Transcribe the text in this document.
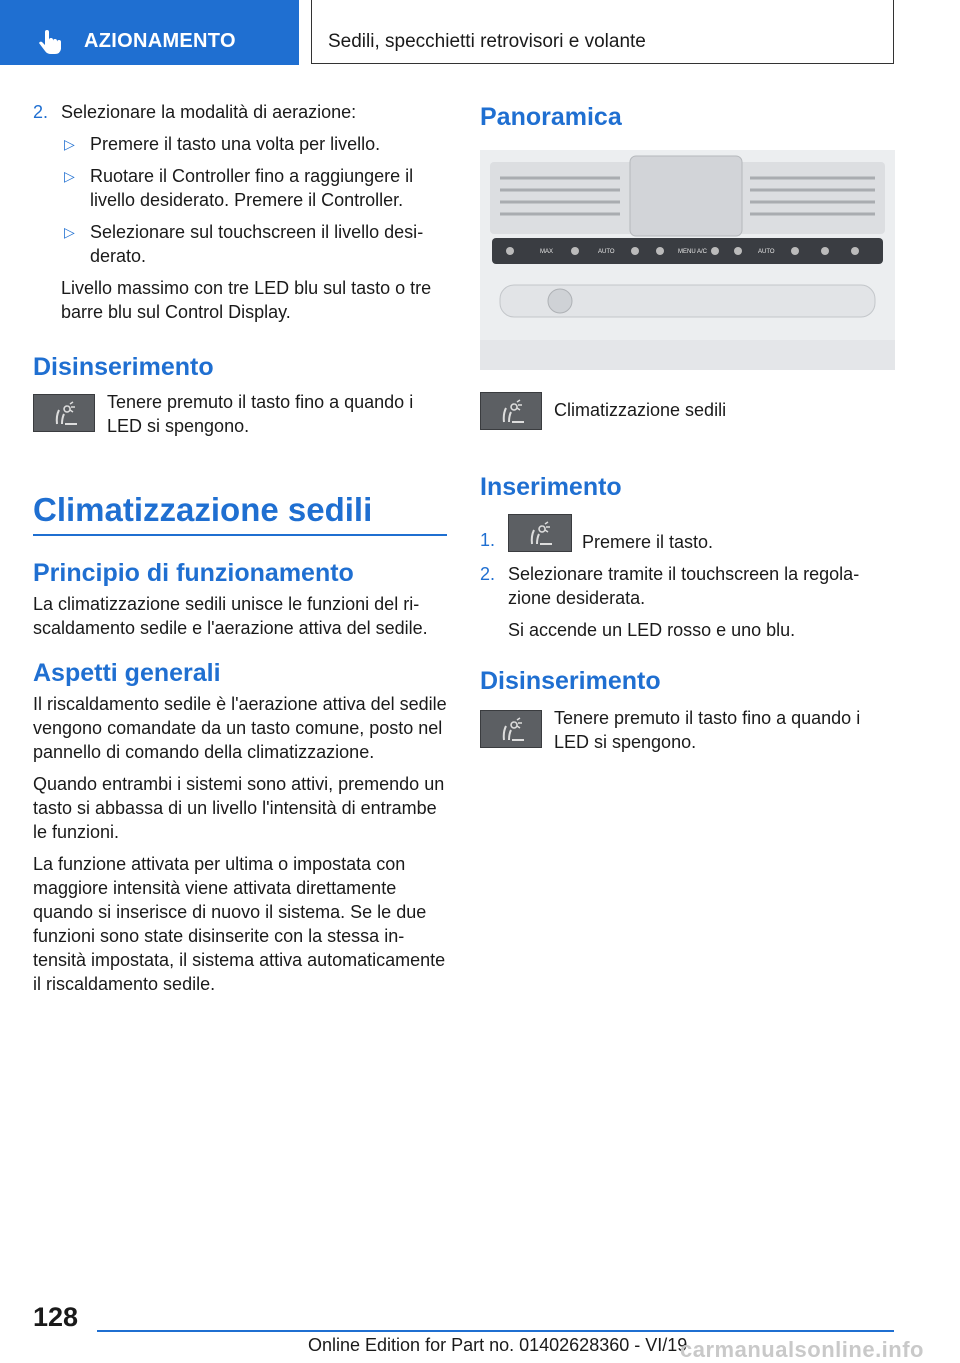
AZIONAMENTO	Sedili, specchietti retrovisori e volante
2. Selezionare la modalità di aerazione:
▷ Premere il tasto una volta per livello.
▷ Ruotare il Controller fino a raggiungere il livello desiderato. Premere il Controller.
▷ Selezionare sul touchscreen il livello desiderato.
Livello massimo con tre LED blu sul tasto o tre barre blu sul Control Display.
Disinserimento
Tenere premuto il tasto fino a quando i LED si spengono.
Climatizzazione sedili
Principio di funzionamento
La climatizzazione sedili unisce le funzioni del riscaldamento sedile e l'aerazione attiva del sedile.
Aspetti generali
Il riscaldamento sedile è l'aerazione attiva del sedile vengono comandate da un tasto comune, posto nel pannello di comando della climatizzazione.
Quando entrambi i sistemi sono attivi, premendo un tasto si abbassa di un livello l'intensità di entrambe le funzioni.
La funzione attivata per ultima o impostata con maggiore intensità viene attivata direttamente quando si inserisce di nuovo il sistema. Se le due funzioni sono state disinserite con la stessa intensità impostata, il sistema attiva automaticamente il riscaldamento sedile.
Panoramica
MAX	AUTO	MENU A/C	AUTO
Climatizzazione sedili
Inserimento
1.	Premere il tasto.
2. Selezionare tramite il touchscreen la regolazione desiderata.
Si accende un LED rosso e uno blu.
Disinserimento
Tenere premuto il tasto fino a quando i LED si spengono.
128
Online Edition for Part no. 01402628360 - VI/19
carmanualsonline.info
